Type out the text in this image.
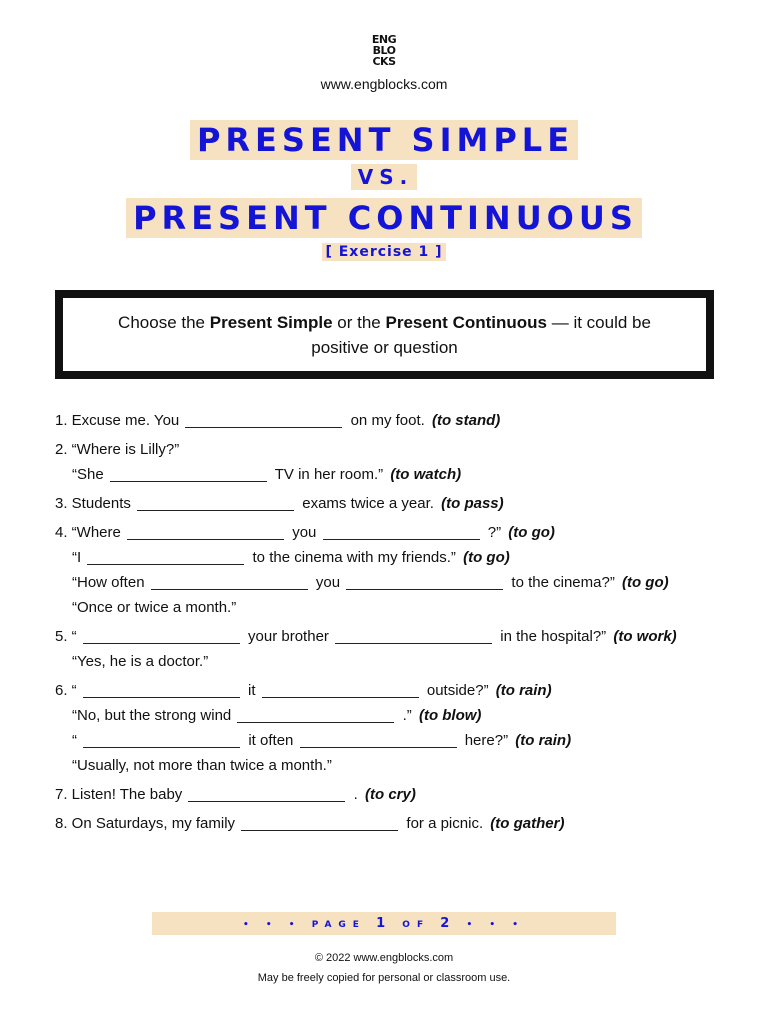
ENG
BLO
CKS
www.engblocks.com
PRESENT SIMPLE
VS.
PRESENT CONTINUOUS
[ Exercise 1 ]
Choose the Present Simple or the Present Continuous — it could be positive or question
1. Excuse me. You	on my foot. (to stand)
2. “Where is Lilly?”
“She	TV in her room.” (to watch)
3. Students	exams twice a year. (to pass)
4. “Where	you	?” (to go)
“I	to the cinema with my friends.” (to go)
“How often	you	to the cinema?” (to go)
“Once or twice a month.”
5. “	your brother	in the hospital?” (to work)
“Yes, he is a doctor.”
6. “	it	outside?” (to rain)
“No, but the strong wind	.” (to blow)
“	it often	here?” (to rain)
“Usually, not more than twice a month.”
7. Listen! The baby	. (to cry)
8. On Saturdays, my family	for a picnic. (to gather)
• • • PAGE 1 OF 2 • • •
© 2022 www.engblocks.com
May be freely copied for personal or classroom use.
